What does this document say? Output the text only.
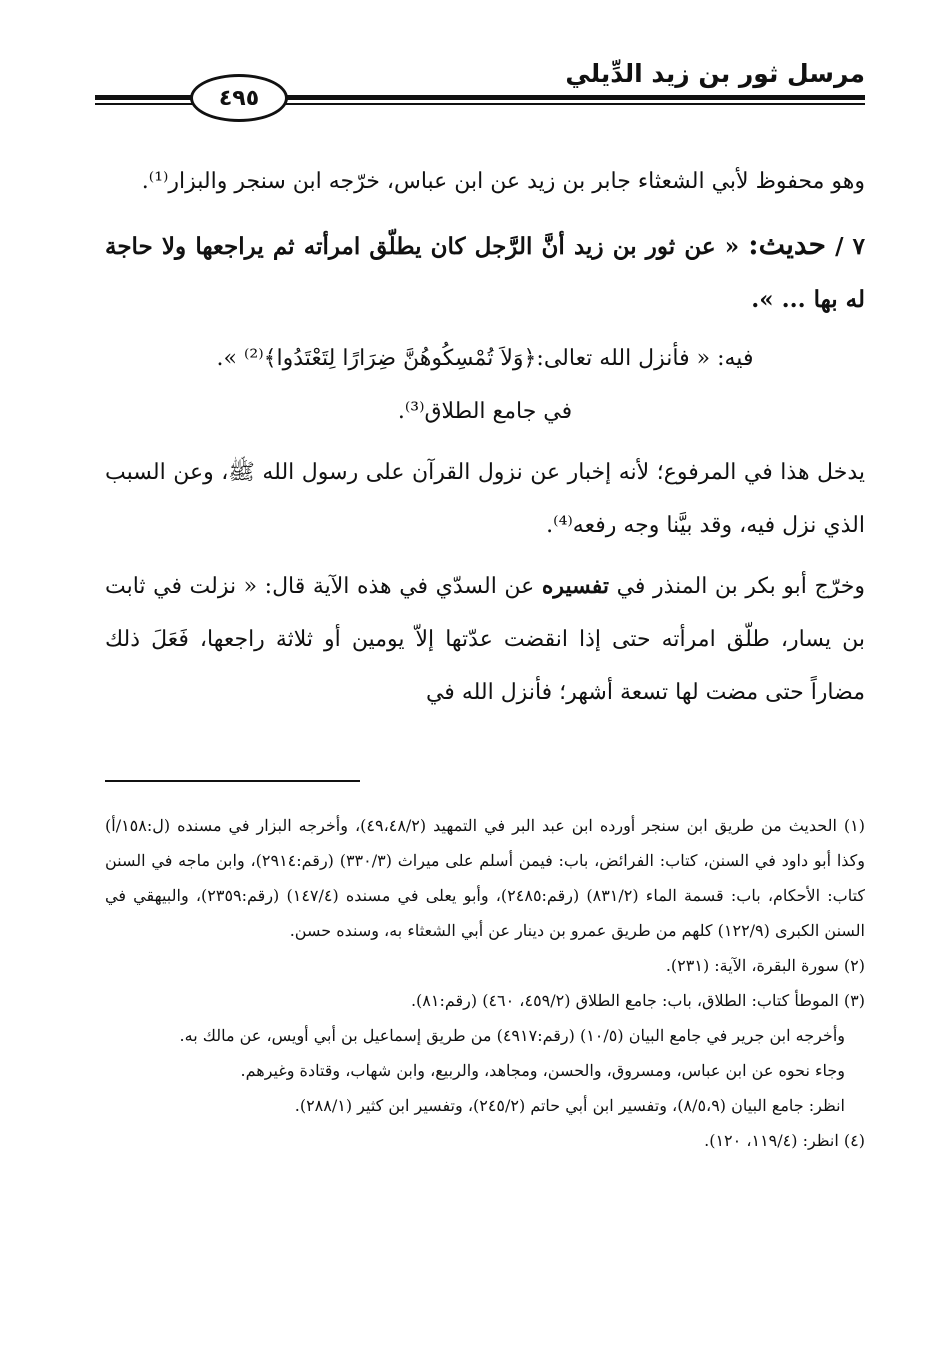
مرسل ثور بن زيد الدِّيلي
٤٩٥

وهو محفوظ لأبي الشعثاء جابر بن زيد عن ابن عباس، خرّجه ابن سنجر والبزار⁽¹⁾.

٧ / حديث: « عن ثور بن زيد أنَّ الرَّجل كان يطلّق امرأته ثم يراجعها ولا حاجة له بها ... ».

فيه: « فأنزل الله تعالى:﴿وَلاَ تُمْسِكُوهُنَّ ضِرَارًا لِتَعْتَدُوا﴾⁽²⁾ ».

في جامع الطلاق⁽³⁾.

يدخل هذا في المرفوع؛ لأنه إخبار عن نزول القرآن على رسول الله ﷺ، وعن السبب الذي نزل فيه، وقد بيَّنا وجه رفعه⁽⁴⁾.

وخرّج أبو بكر بن المنذر في تفسيره عن السدّي في هذه الآية قال: « نزلت في ثابت بن يسار، طلّق امرأته حتى إذا انقضت عدّتها إلاّ يومين أو ثلاثة راجعها، فَعَلَ ذلك مضاراً حتى مضت لها تسعة أشهر؛ فأنزل الله في

(١) الحديث من طريق ابن سنجر أورده ابن عبد البر في التمهيد (٤٩،٤٨/٢)، وأخرجه البزار في مسنده (ل:١٥٨/أ) وكذا أبو داود في السنن، كتاب: الفرائض، باب: فيمن أسلم على ميراث (٣٣٠/٣) (رقم:٢٩١٤)، وابن ماجه في السنن كتاب: الأحكام، باب: قسمة الماء (٨٣١/٢) (رقم:٢٤٨٥)، وأبو يعلى في مسنده (١٤٧/٤) (رقم:٢٣٥٩)، والبيهقي في السنن الكبرى (١٢٢/٩) كلهم من طريق عمرو بن دينار عن أبي الشعثاء به، وسنده حسن.

(٢) سورة البقرة، الآية: (٢٣١).

(٣) الموطأ كتاب: الطلاق، باب: جامع الطلاق (٤٥٩/٢، ٤٦٠) (رقم:٨١).

وأخرجه ابن جرير في جامع البيان (١٠/٥) (رقم:٤٩١٧) من طريق إسماعيل بن أبي أويس، عن مالك به.

وجاء نحوه عن ابن عباس، ومسروق، والحسن، ومجاهد، والربيع، وابن شهاب، وقتادة وغيرهم.

انظر: جامع البيان (٨/٥،٩)، وتفسير ابن أبي حاتم (٢٤٥/٢)، وتفسير ابن كثير (٢٨٨/١).

(٤) انظر: (١١٩/٤، ١٢٠).
